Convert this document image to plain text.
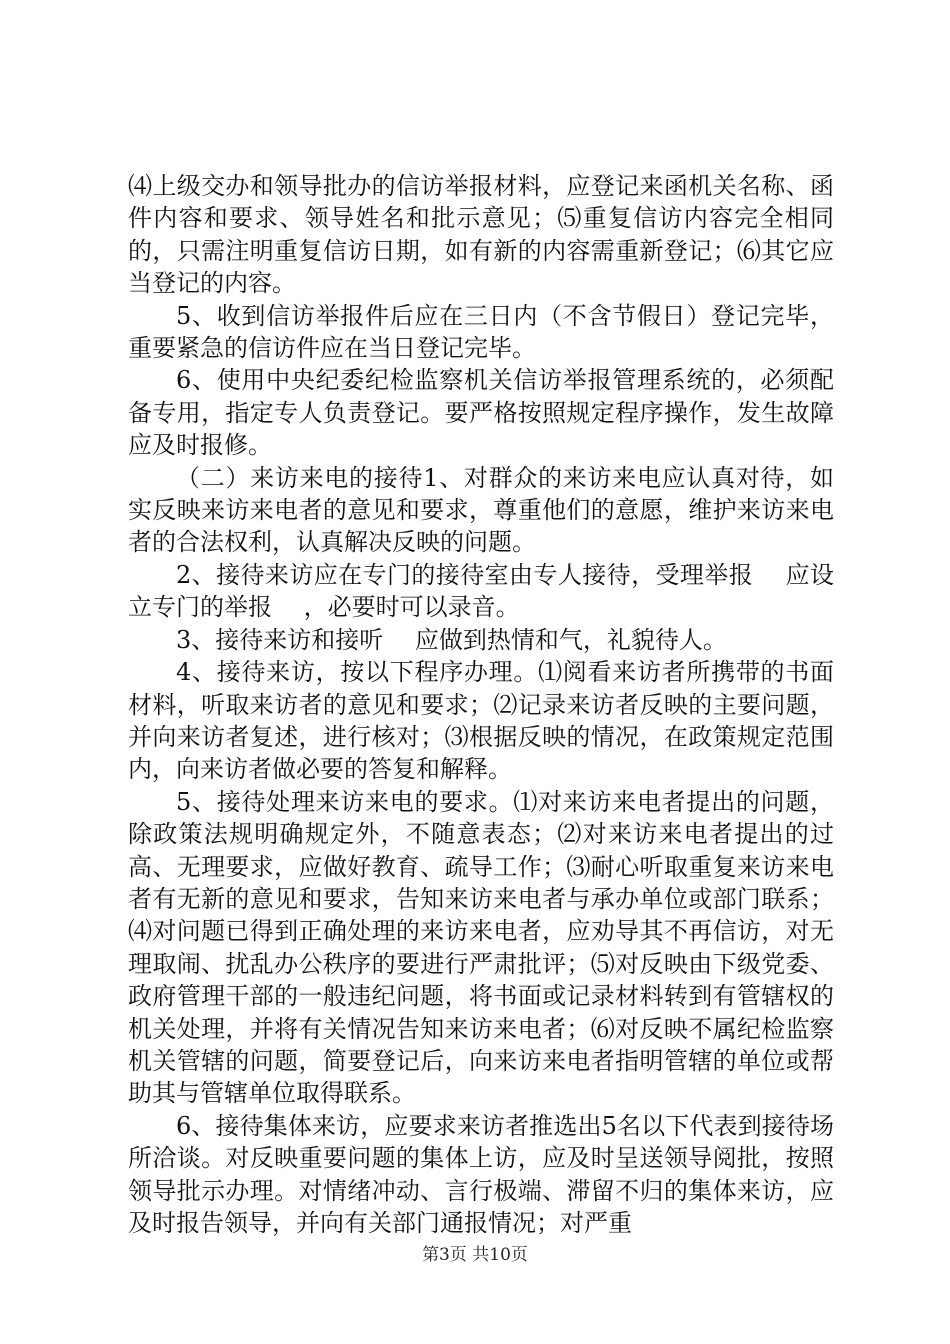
⑷上级交办和领导批办的信访举报材料，应登记来函机关名称、函件内容和要求、领导姓名和批示意见；⑸重复信访内容完全相同的，只需注明重复信访日期，如有新的内容需重新登记；⑹其它应当登记的内容。

5、收到信访举报件后应在三日内（不含节假日）登记完毕，重要紧急的信访件应在当日登记完毕。

6、使用中央纪委纪检监察机关信访举报管理系统的，必须配备专用，指定专人负责登记。要严格按照规定程序操作，发生故障应及时报修。

（二）来访来电的接待1、对群众的来访来电应认真对待，如实反映来访来电者的意见和要求，尊重他们的意愿，维护来访来电者的合法权利，认真解决反映的问题。

2、接待来访应在专门的接待室由专人接待，受理举报　 应设立专门的举报　 ，必要时可以录音。

3、接待来访和接听　 应做到热情和气，礼貌待人。

4、接待来访，按以下程序办理。⑴阅看来访者所携带的书面材料，听取来访者的意见和要求；⑵记录来访者反映的主要问题，并向来访者复述，进行核对；⑶根据反映的情况，在政策规定范围内，向来访者做必要的答复和解释。

5、接待处理来访来电的要求。⑴对来访来电者提出的问题，除政策法规明确规定外，不随意表态；⑵对来访来电者提出的过高、无理要求，应做好教育、疏导工作；⑶耐心听取重复来访来电者有无新的意见和要求，告知来访来电者与承办单位或部门联系；⑷对问题已得到正确处理的来访来电者，应劝导其不再信访，对无理取闹、扰乱办公秩序的要进行严肃批评；⑸对反映由下级党委、政府管理干部的一般违纪问题，将书面或记录材料转到有管辖权的机关处理，并将有关情况告知来访来电者；⑹对反映不属纪检监察机关管辖的问题，简要登记后，向来访来电者指明管辖的单位或帮助其与管辖单位取得联系。

6、接待集体来访，应要求来访者推选出5名以下代表到接待场所洽谈。对反映重要问题的集体上访，应及时呈送领导阅批，按照领导批示办理。对情绪冲动、言行极端、滞留不归的集体来访，应及时报告领导，并向有关部门通报情况；对严重

第3页 共10页
